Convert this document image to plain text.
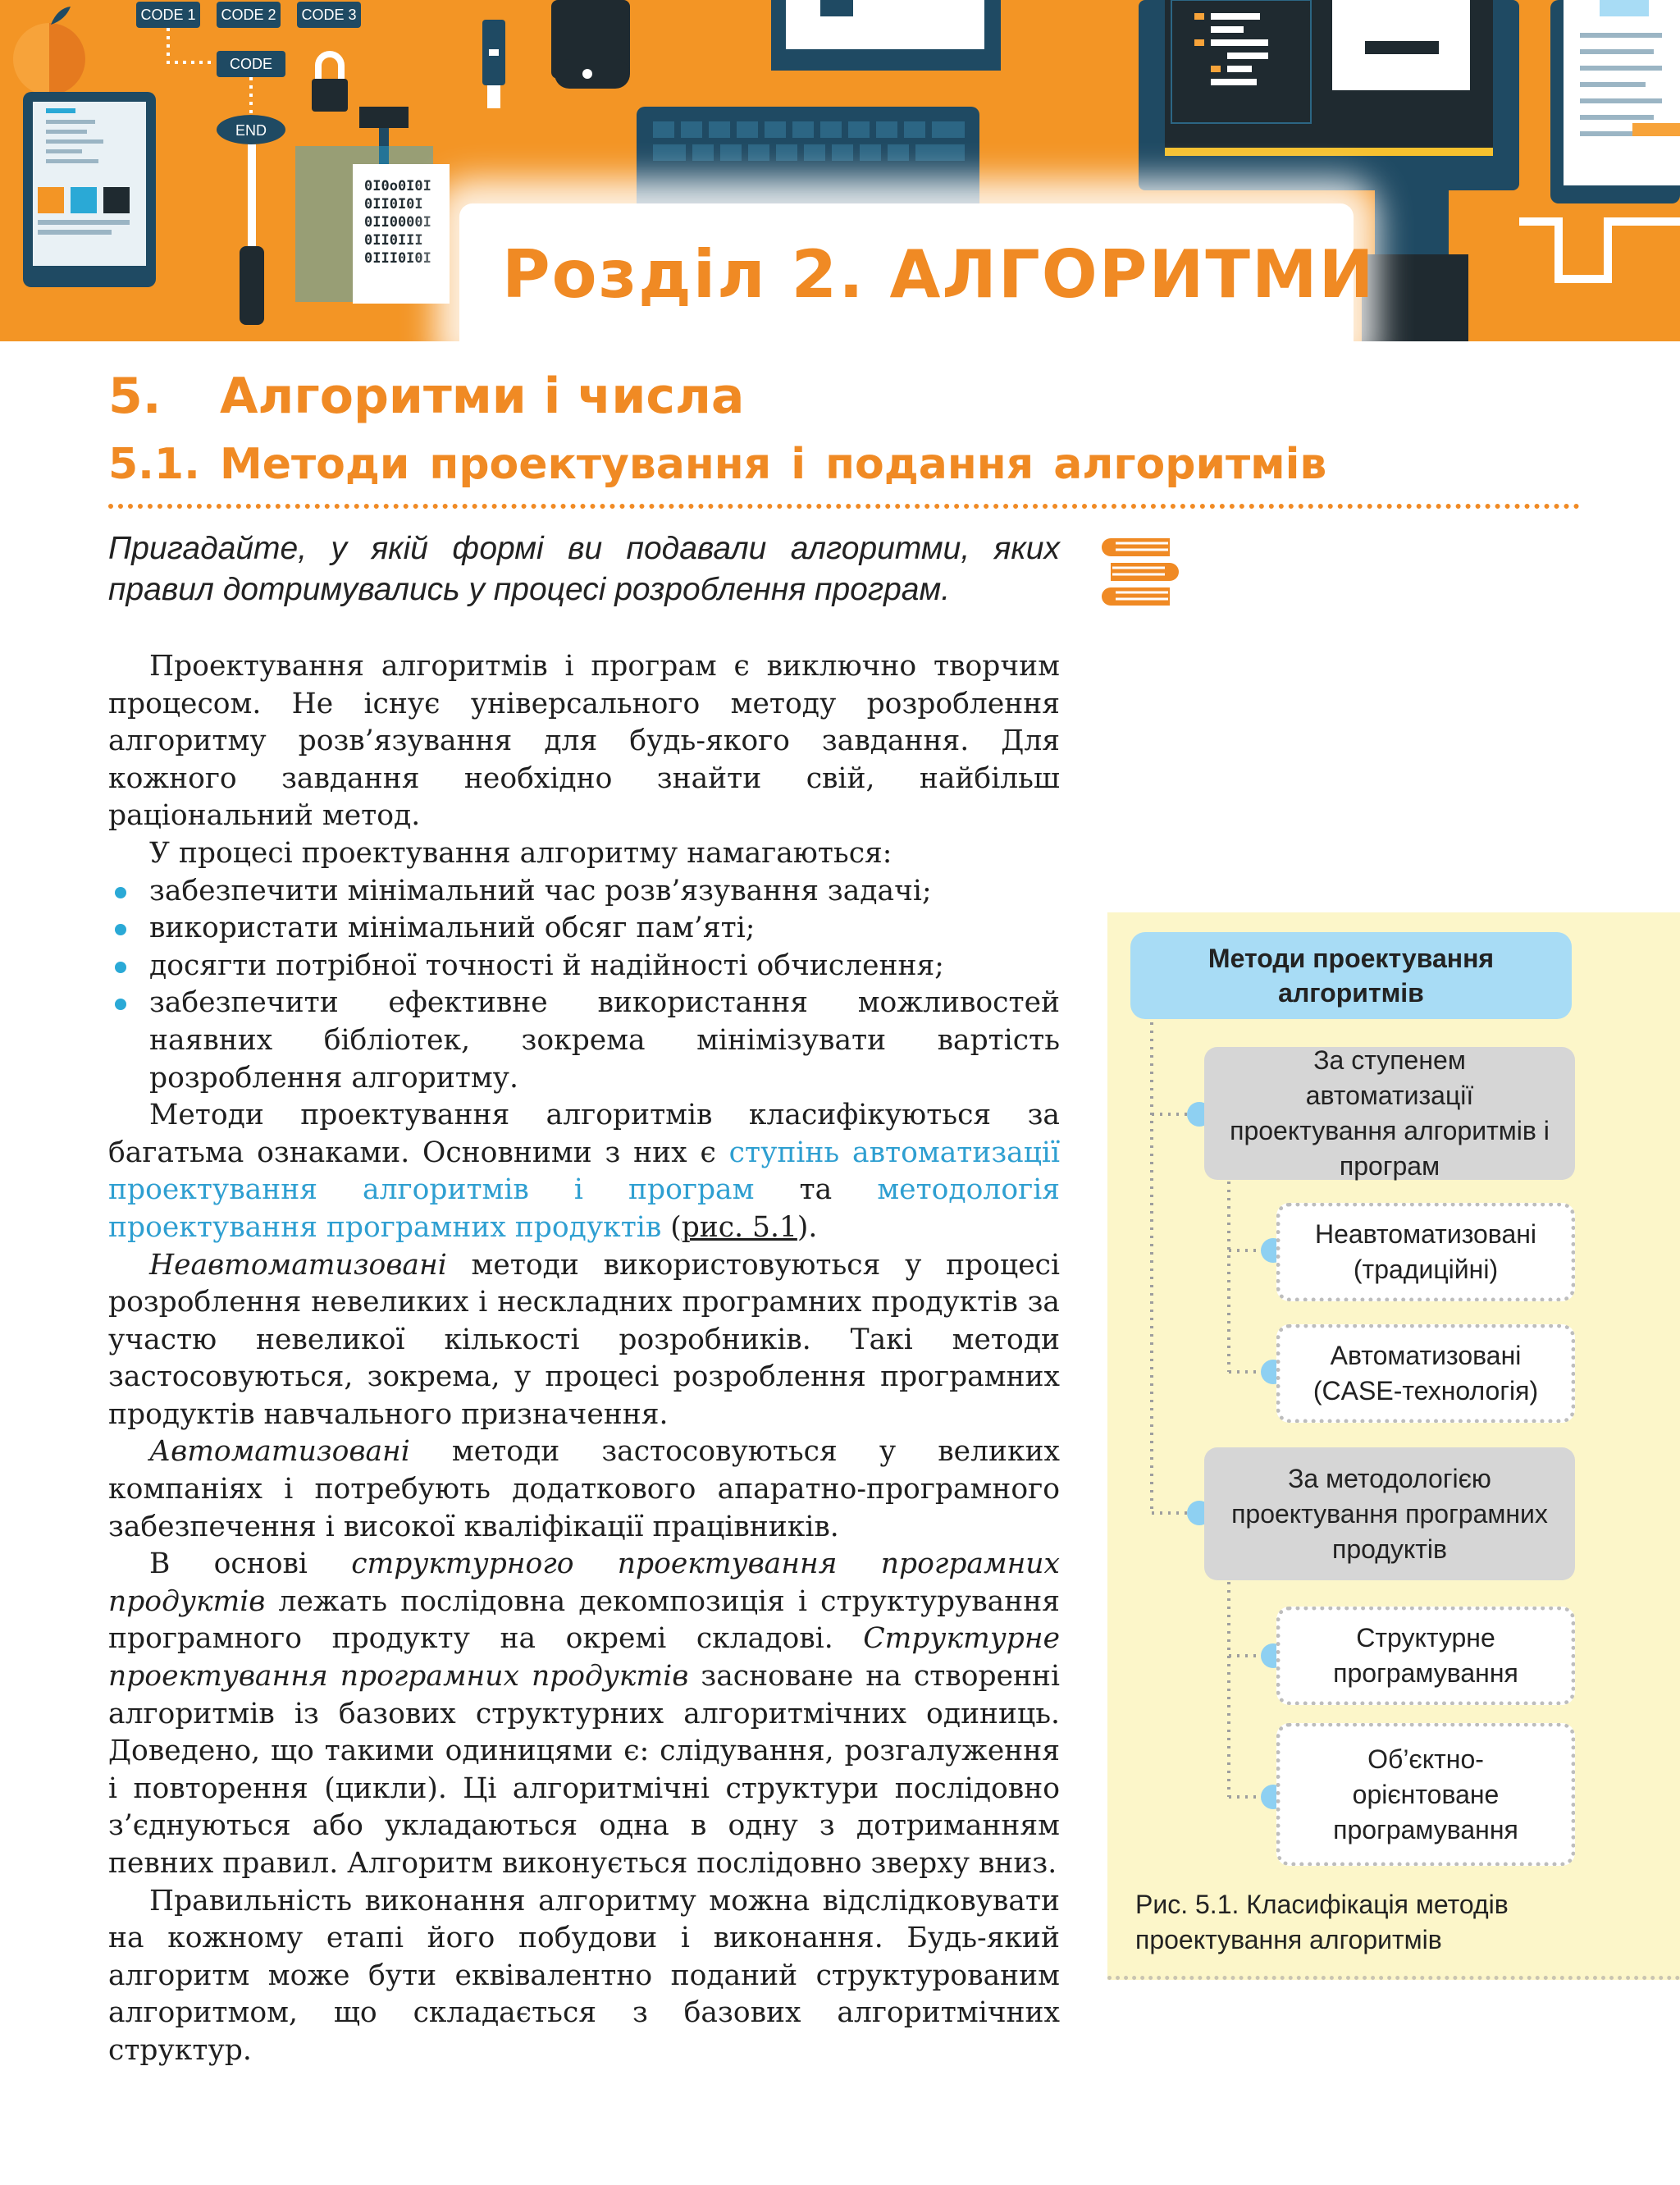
CODE 1 CODE 2 CODE 3
CODE
END
0I0o0I0I
0II0I0I
0II0000I
0II0III
0III0I0I Розділ 2. АЛГОРИТМИ
5. Алгоритми і числа
5.1. Методи проектування і подання алгоритмів
Пригадайте, у якій формі ви подавали алгоритми, яких правил дотримувались у процесі розроблення програм.

Проектування алгоритмів і програм є виключно творчим процесом. Не існує універсального методу розроблення алгоритму розв’язування для будь-якого завдання. Для кожного завдання необхідно знайти свій, найбільш раціональний метод.

У процесі проектування алгоритму намагаються:

забезпечити мінімальний час розв’язування задачі;
використати мінімальний обсяг пам’яті;
досягти потрібної точності й надійності обчислення;
забезпечити ефективне використання можливостей наявних бібліотек, зокрема мінімізувати вартість розроблення алгоритму.

Методи проектування алгоритмів класифікуються за багатьма ознаками. Основними з них є ступінь автоматизації проектування алгоритмів і програм та методологія проектування програмних продуктів (рис. 5.1).

Неавтоматизовані методи використовуються у процесі розроблення невеликих і нескладних програмних продуктів за участю невеликої кількості розробників. Такі методи застосовуються, зокрема, у процесі розроблення програмних продуктів навчального призначення.

Автоматизовані методи застосовуються у великих компаніях і потребують додаткового апаратно-програмного забезпечення і високої кваліфікації працівників.

В основі структурного проектування програмних продуктів лежать послідовна декомпозиція і структурування програмного продукту на окремі складові. Структурне проектування програмних продуктів засноване на створенні алгоритмів із базових структурних алгоритмічних одиниць. Доведено, що такими одиницями є: слідування, розгалуження і повторення (цикли). Ці алгоритмічні структури послідовно з’єднуються або укладаються одна в одну з дотриманням певних правил. Алгоритм виконується послідовно зверху вниз.

Правильність виконання алгоритму можна відслідковувати на кожному етапі його побудови і виконання. Будь-який алгоритм може бути еквівалентно поданий структурованим алгоритмом, що складається з базових алгоритмічних структур.

Методи проектування алгоритмів
За ступенем автоматизації проектування алгоритмів і програм
Неавтоматизовані (традиційні)
Автоматизовані (CASE-технологія)
За методологією проектування програмних продуктів
Структурне програмування
Об’єктно-орієнтоване програмування
Рис. 5.1. Класифікація методів проектування алгоритмів
